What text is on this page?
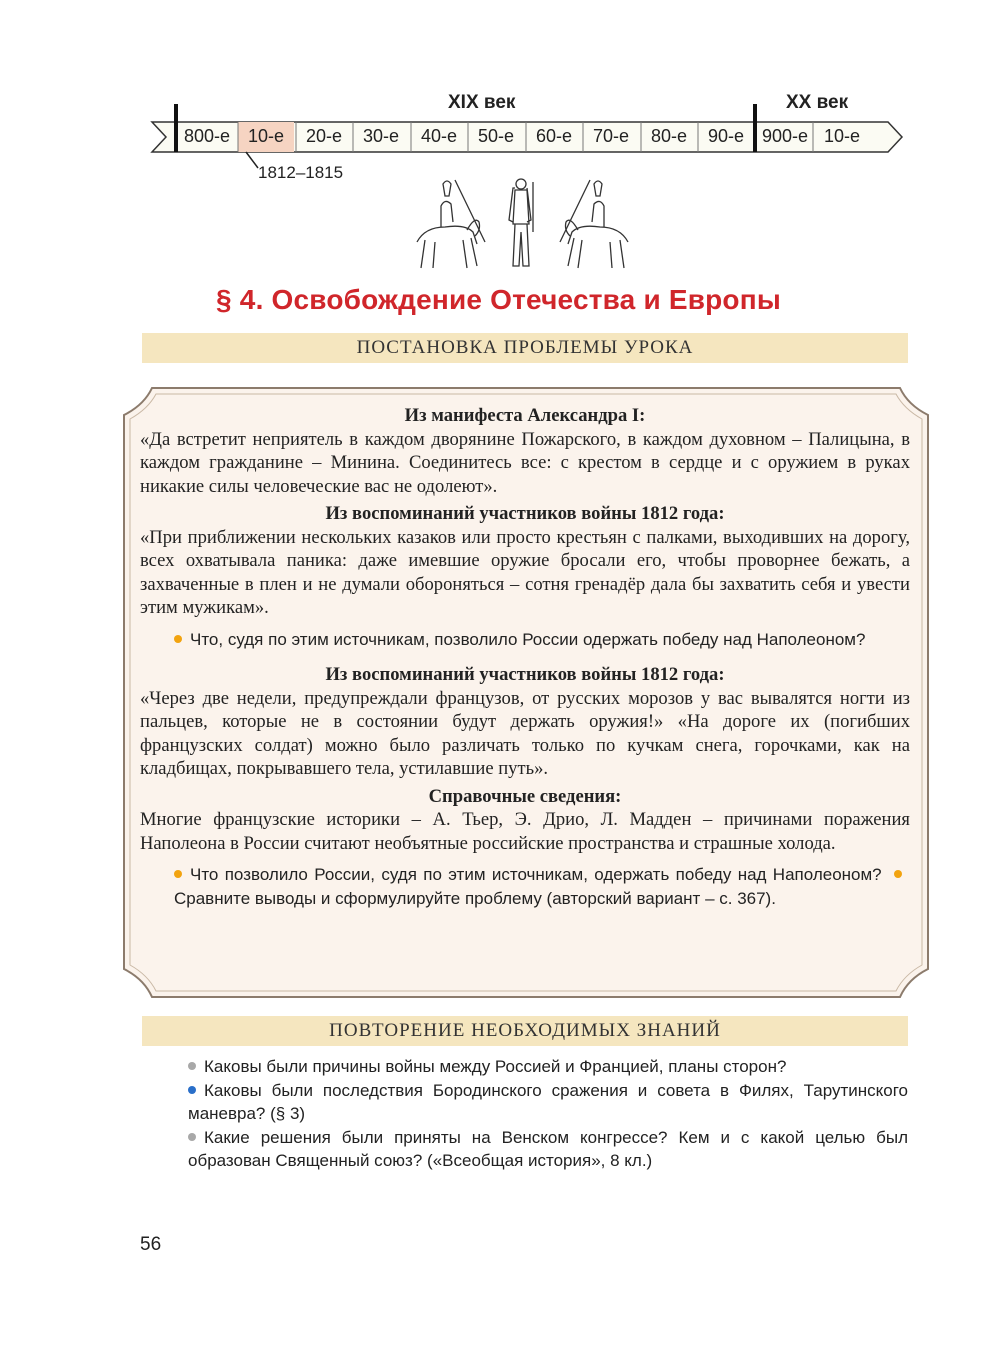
XIX век	XX век
800-е 10-е	20-е	30-е	40-е	50-е	60-е	70-е	80-е	90-е 900-е 10-е
1812–1815
§ 4. Освобождение Отечества и Европы
ПОСТАНОВКА ПРОБЛЕМЫ УРОКА
Из манифеста Александра I:

«Да встретит неприятель в каждом дворянине Пожарского, в каждом духовном – Палицына, в каждом гражданине – Минина. Соединитесь все: с крестом в сердце и с оружием в руках никакие силы человеческие вас не одолеют».

Из воспоминаний участников войны 1812 года:

«При приближении нескольких казаков или просто крестьян с палками, выходивших на дорогу, всех охватывала паника: даже имевшие оружие бросали его, чтобы проворнее бежать, а захваченные в плен и не думали обороняться – сотня гренадёр дала бы захватить себя и увести этим мужикам».

Что, судя по этим источникам, позволило России одержать победу над Наполеоном?

Из воспоминаний участников войны 1812 года:

«Через две недели, предупреждали французов, от русских морозов у вас вывалятся ногти из пальцев, которые не в состоянии будут держать оружия!» «На дороге их (погибших французских солдат) можно было различать только по кучкам снега, горочками, как на кладбищах, покрывавшего тела, устилавшие путь».

Справочные сведения:

Многие французские историки – А. Тьер, Э. Дрио, Л. Мадден – причинами поражения Наполеона в России считают необъятные российские пространства и страшные холода.

Что позволило России, судя по этим источникам, одержать победу над Наполеоном? Сравните выводы и сформулируйте проблему (авторский вариант – с. 367).

ПОВТОРЕНИЕ НЕОБХОДИМЫХ ЗНАНИЙ
Каковы были причины войны между Россией и Францией, планы сторон?
Каковы были последствия Бородинского сражения и совета в Филях, Тарутинского маневра? (§ 3)
Какие решения были приняты на Венском конгрессе? Кем и с какой целью был образован Священный союз? («Всеобщая история», 8 кл.)
56
